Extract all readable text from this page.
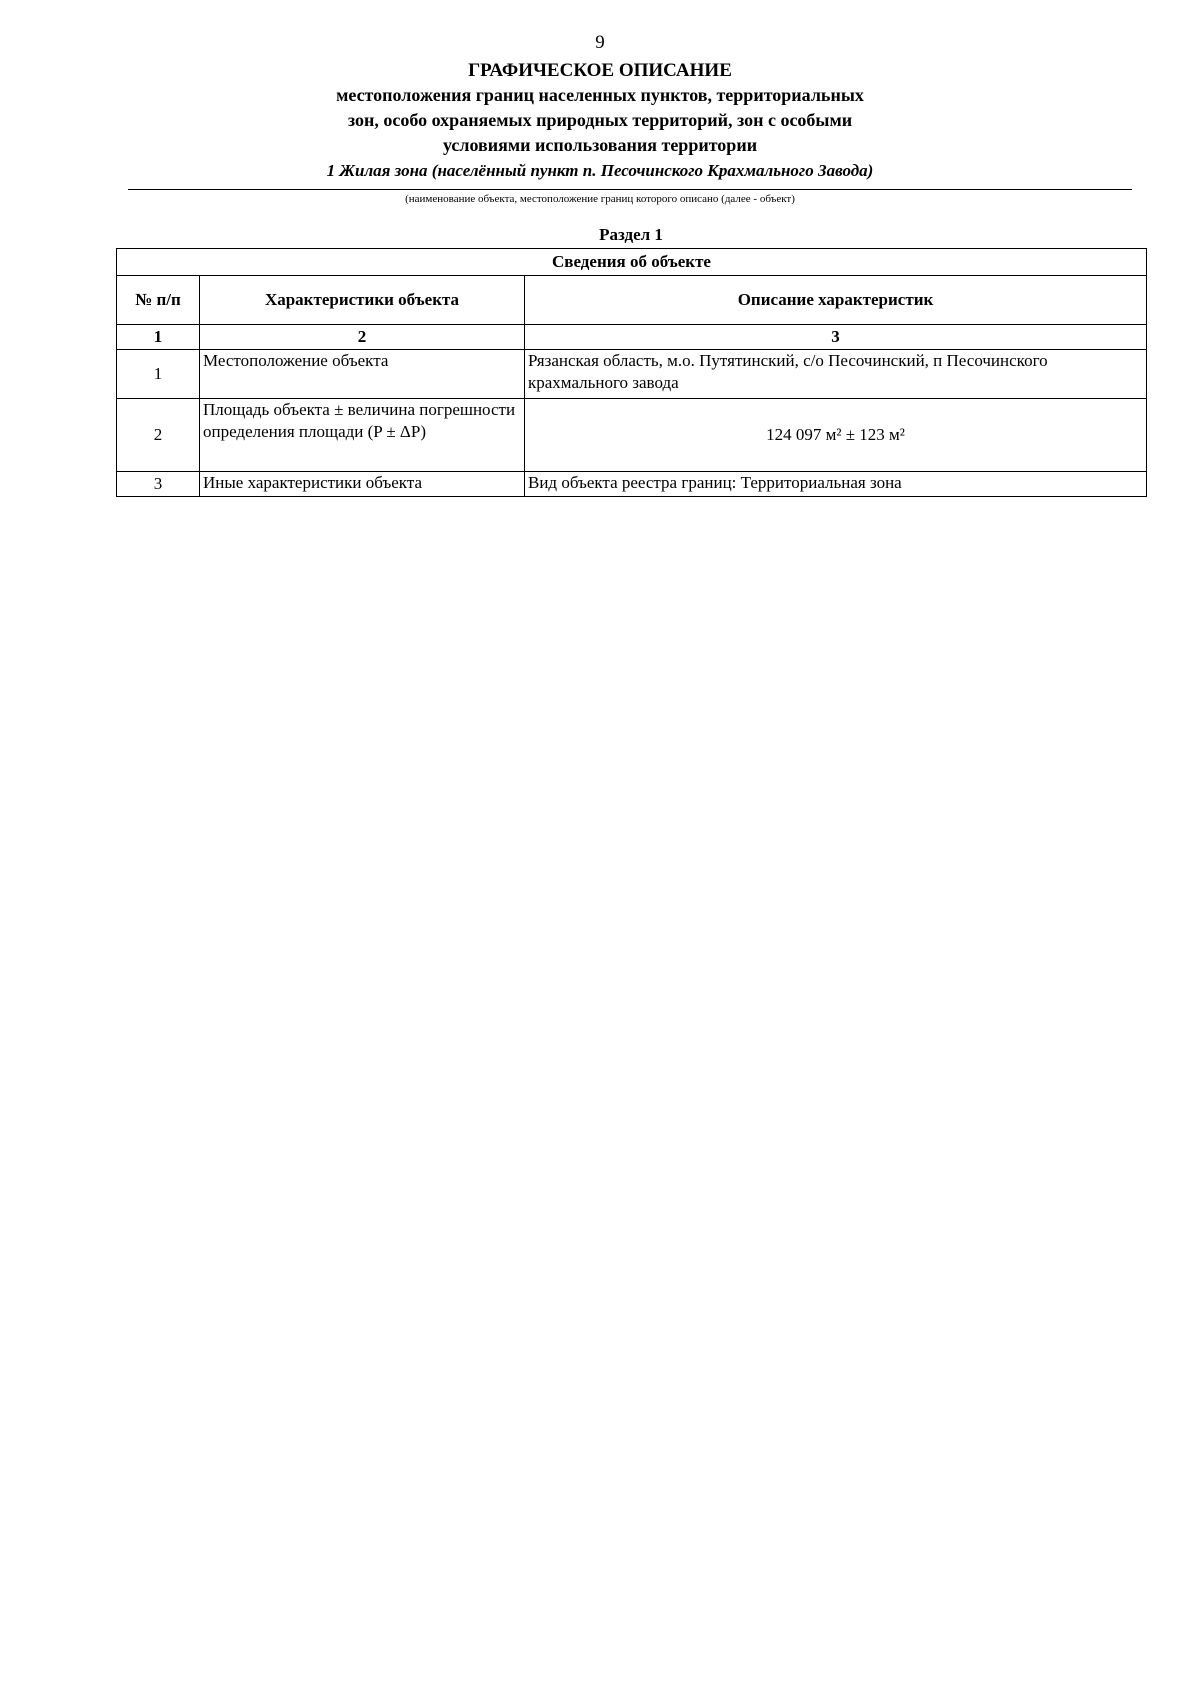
9
ГРАФИЧЕСКОЕ ОПИСАНИЕ
местоположения границ населенных пунктов, территориальных
зон, особо охраняемых природных территорий, зон с особыми
условиями использования территории
1 Жилая зона (населённый пункт п. Песочинского Крахмального Завода)
(наименование объекта, местоположение границ которого описано (далее - объект)
Раздел 1
Сведения об объекте		
№ п/п	Характеристики объекта	Описание характеристик
1	2	3
1	Местоположение объекта	Рязанская область, м.о. Путятинский, с/о Песочинский, п Песочинского крахмального завода
2	Площадь объекта ± величина погрешности определения площади (P ± ΔP)	124 097 м² ± 123 м²
3	Иные характеристики объекта	Вид объекта реестра границ: Территориальная зона
